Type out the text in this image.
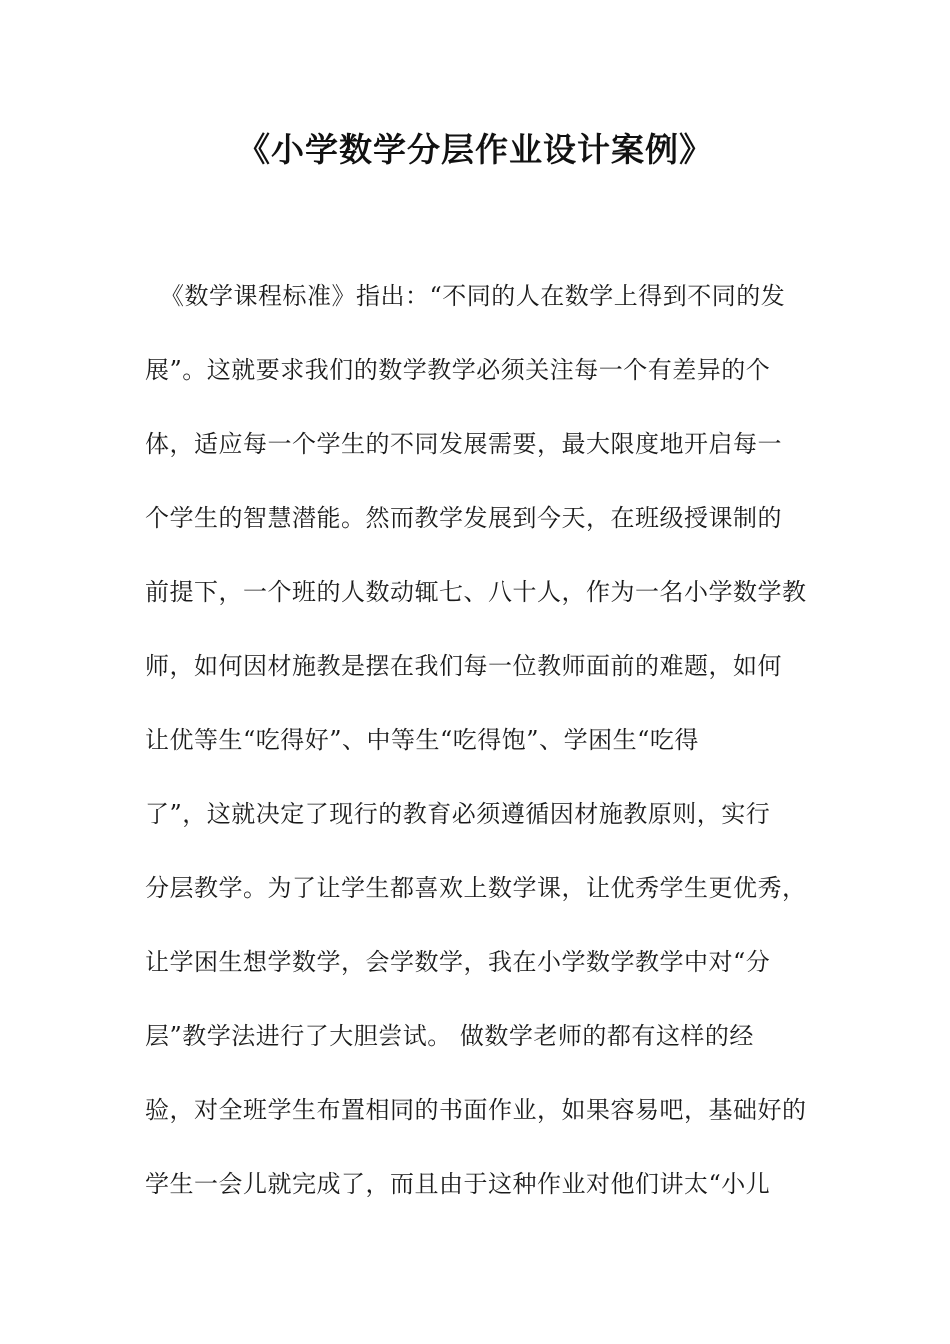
《小学数学分层作业设计案例》
《数学课程标准》指出：“不同的人在数学上得到不同的发
展”。这就要求我们的数学教学必须关注每一个有差异的个
体，适应每一个学生的不同发展需要，最大限度地开启每一
个学生的智慧潜能。然而教学发展到今天，在班级授课制的
前提下，一个班的人数动辄七、八十人，作为一名小学数学教
师，如何因材施教是摆在我们每一位教师面前的难题，如何
让优等生“吃得好”、中等生“吃得饱”、学困生“吃得
了”，这就决定了现行的教育必须遵循因材施教原则，实行
分层教学。为了让学生都喜欢上数学课，让优秀学生更优秀，
让学困生想学数学，会学数学，我在小学数学教学中对“分
层”教学法进行了大胆尝试。 做数学老师的都有这样的经
验，对全班学生布置相同的书面作业，如果容易吧，基础好的
学生一会儿就完成了，而且由于这种作业对他们讲太“小儿
